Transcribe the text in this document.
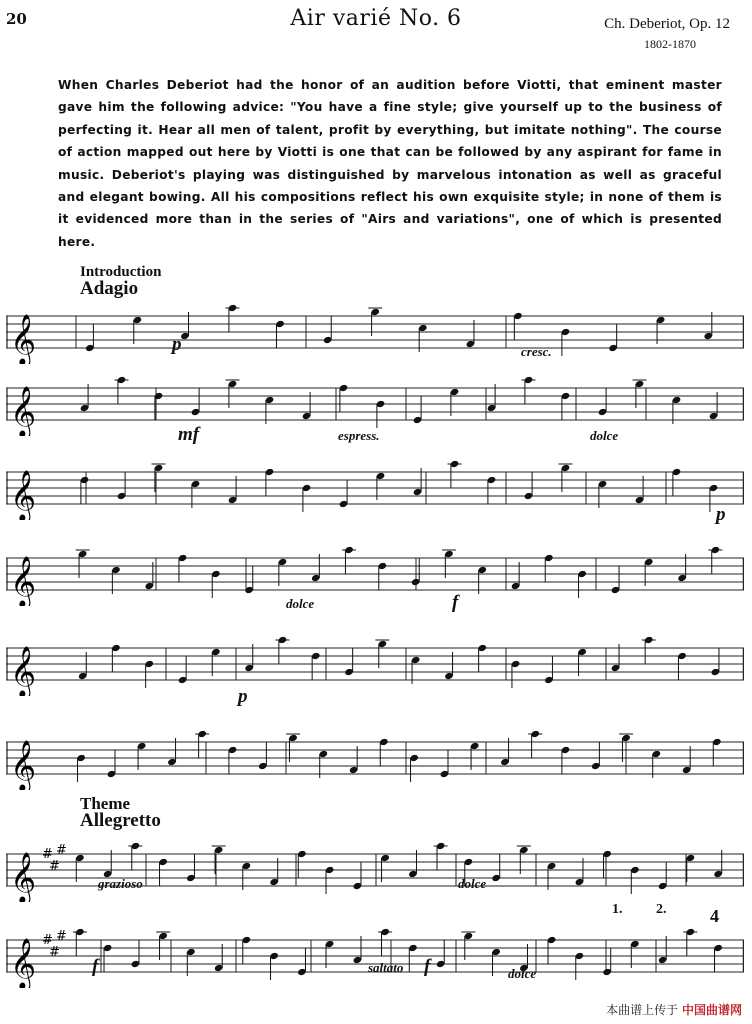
20	Air varié No. 6	Ch. Deberiot, Op. 12
1802-1870
When Charles Deberiot had the honor of an audition before Viotti, that eminent master gave him the following advice: "You have a fine style; give yourself up to the business of perfecting it. Hear all men of talent, profit by everything, but imitate nothing". The course of action mapped out here by Viotti is one that can be followed by any aspirant for fame in music. Deberiot's playing was distinguished by marvelous intonation as well as graceful and elegant bowing. All his compositions reflect his own exquisite style; in none of them is it evidenced more than in the series of "Airs and variations", one of which is presented here.
Introduction
Adagio
𝄞
𝄞
𝄞
𝄞
𝄞
𝄞
𝄞 #
#
#
𝄞 #
#
#
p	cresc.
mf	espress.	dolce
p
dolce	f
p
Theme
Allegretto
grazioso	dolce
f	saltato f	dolce
1. 2. 4
本曲谱上传于 中国曲谱网
